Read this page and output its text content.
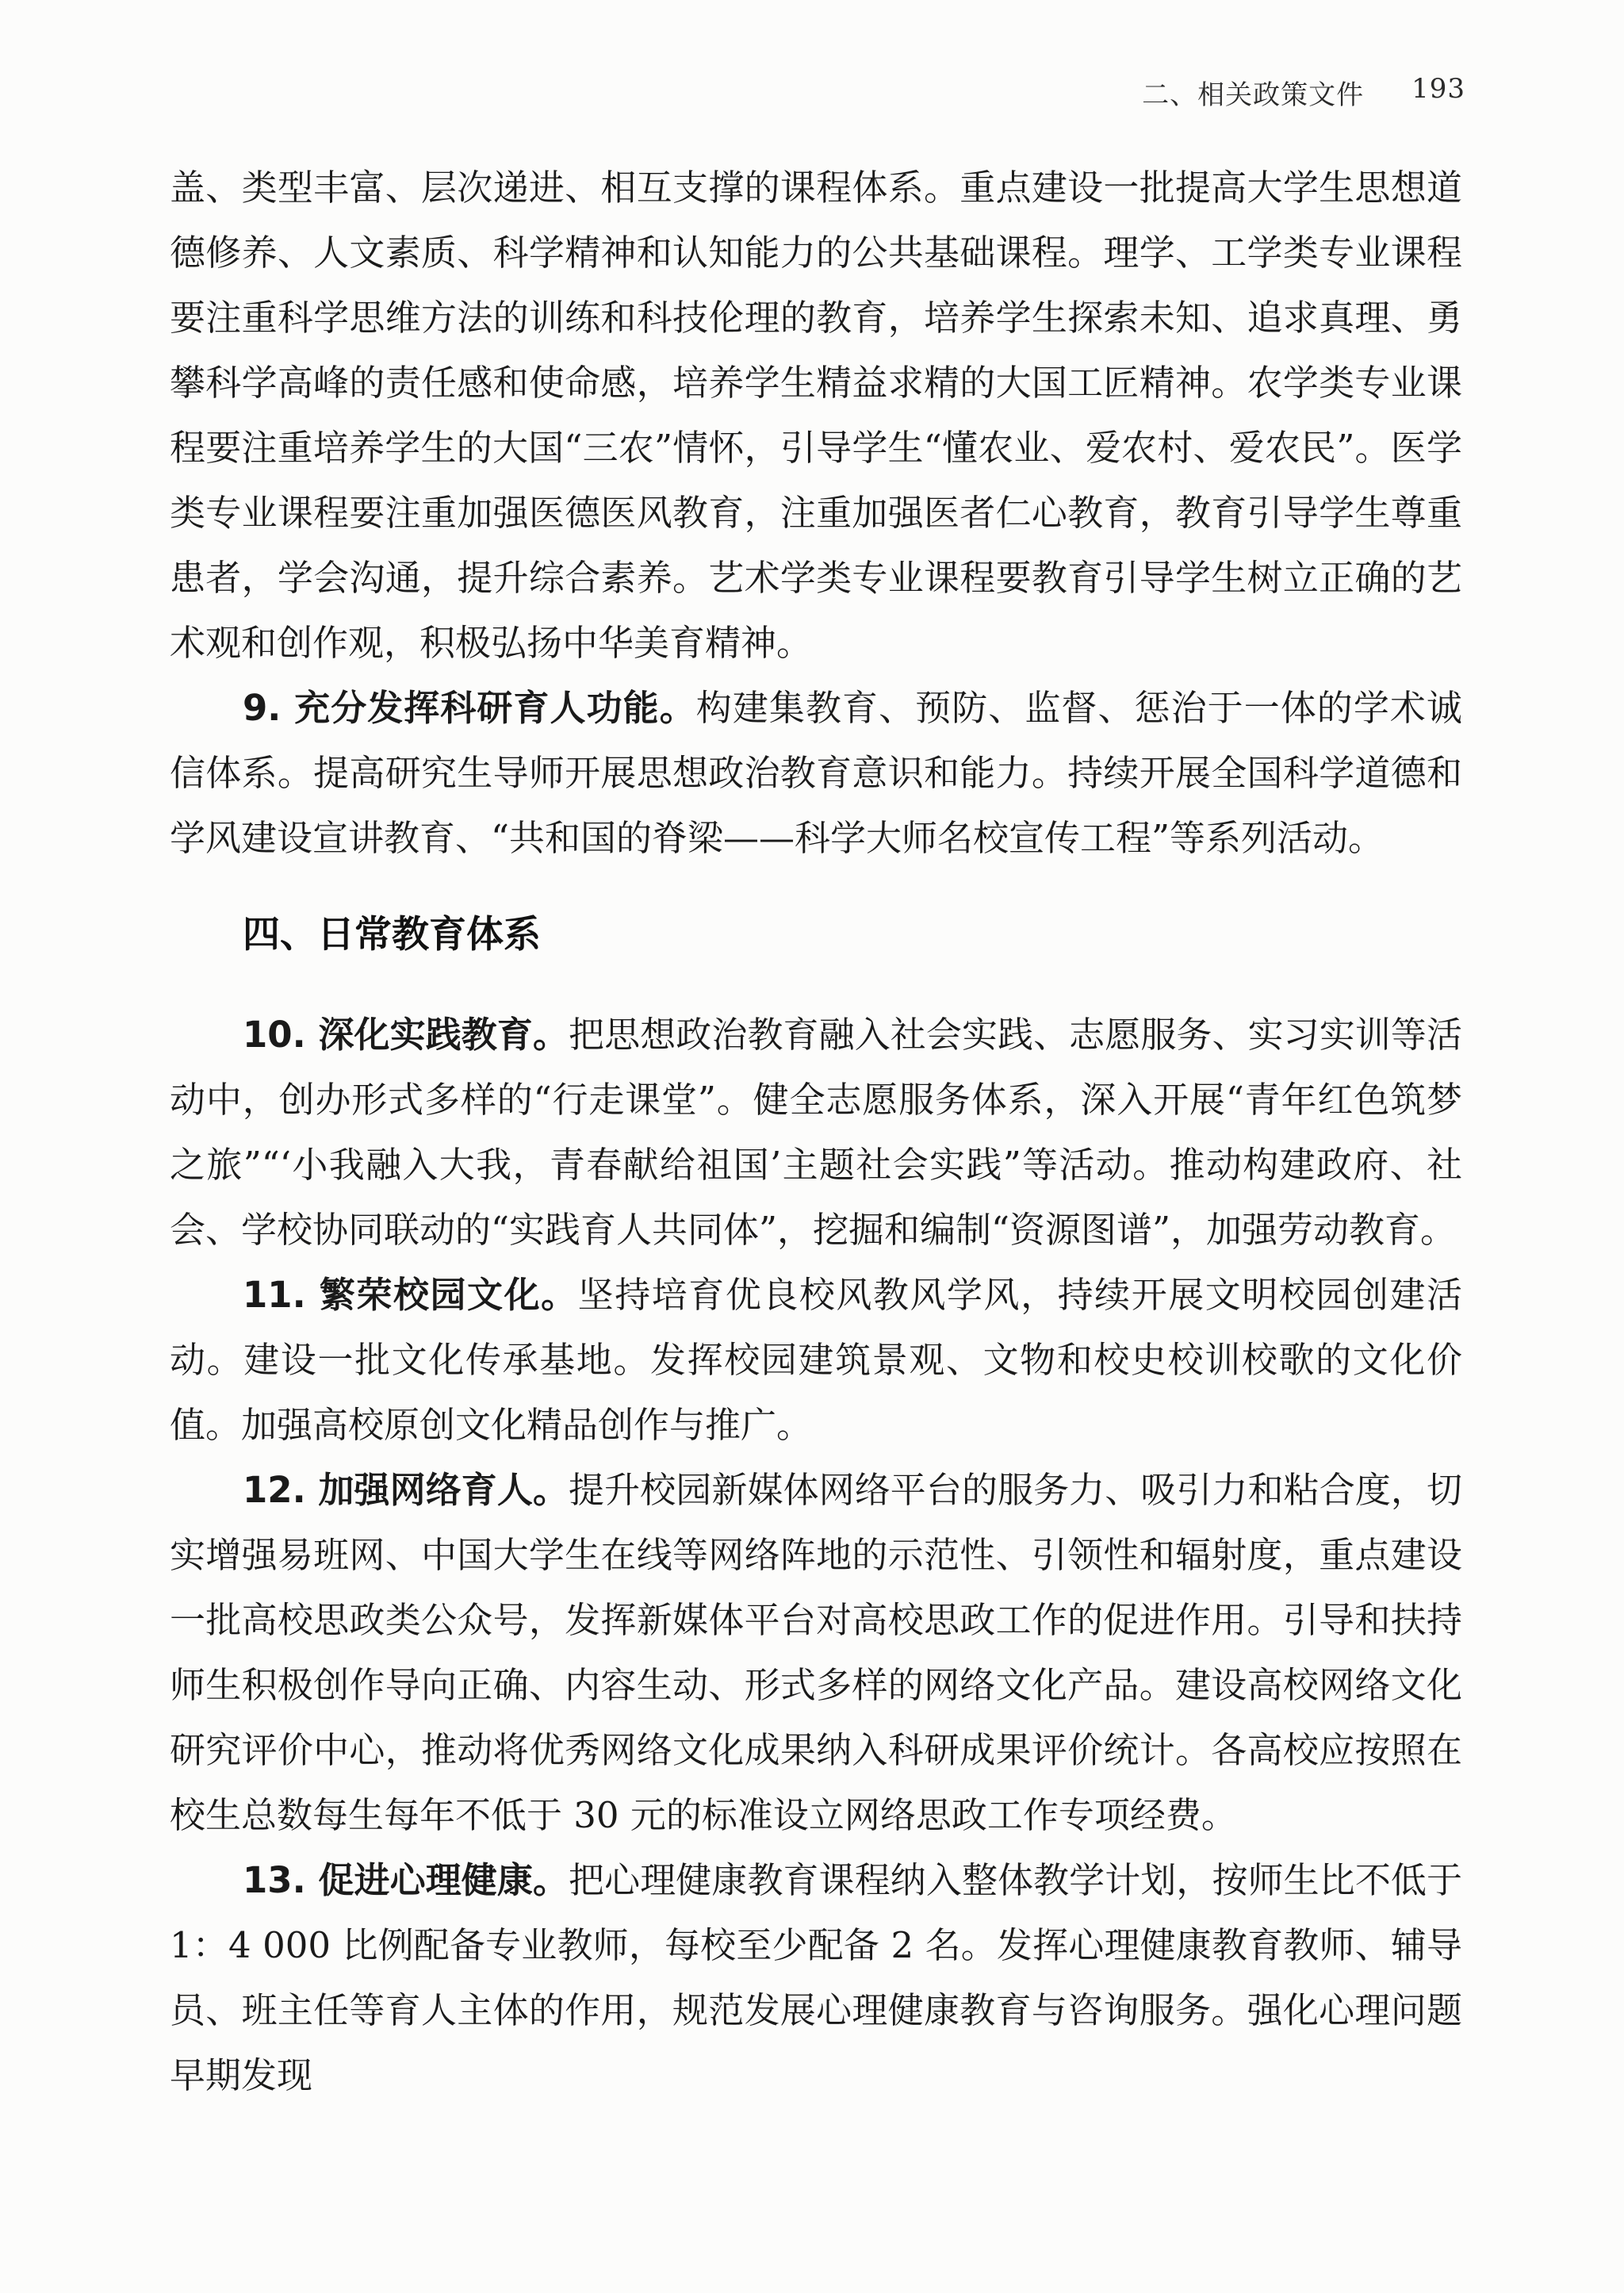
二、相关政策文件 193

盖、类型丰富、层次递进、相互支撑的课程体系。重点建设一批提高大学生思想道德修养、人文素质、科学精神和认知能力的公共基础课程。理学、工学类专业课程要注重科学思维方法的训练和科技伦理的教育，培养学生探索未知、追求真理、勇攀科学高峰的责任感和使命感，培养学生精益求精的大国工匠精神。农学类专业课程要注重培养学生的大国“三农”情怀，引导学生“懂农业、爱农村、爱农民”。医学类专业课程要注重加强医德医风教育，注重加强医者仁心教育，教育引导学生尊重患者，学会沟通，提升综合素养。艺术学类专业课程要教育引导学生树立正确的艺术观和创作观，积极弘扬中华美育精神。

9. 充分发挥科研育人功能。构建集教育、预防、监督、惩治于一体的学术诚信体系。提高研究生导师开展思想政治教育意识和能力。持续开展全国科学道德和学风建设宣讲教育、“共和国的脊梁——科学大师名校宣传工程”等系列活动。

四、日常教育体系

10. 深化实践教育。把思想政治教育融入社会实践、志愿服务、实习实训等活动中，创办形式多样的“行走课堂”。健全志愿服务体系，深入开展“青年红色筑梦之旅”“‘小我融入大我，青春献给祖国’主题社会实践”等活动。推动构建政府、社会、学校协同联动的“实践育人共同体”，挖掘和编制“资源图谱”，加强劳动教育。

11. 繁荣校园文化。坚持培育优良校风教风学风，持续开展文明校园创建活动。建设一批文化传承基地。发挥校园建筑景观、文物和校史校训校歌的文化价值。加强高校原创文化精品创作与推广。

12. 加强网络育人。提升校园新媒体网络平台的服务力、吸引力和粘合度，切实增强易班网、中国大学生在线等网络阵地的示范性、引领性和辐射度，重点建设一批高校思政类公众号，发挥新媒体平台对高校思政工作的促进作用。引导和扶持师生积极创作导向正确、内容生动、形式多样的网络文化产品。建设高校网络文化研究评价中心，推动将优秀网络文化成果纳入科研成果评价统计。各高校应按照在校生总数每生每年不低于 30 元的标准设立网络思政工作专项经费。

13. 促进心理健康。把心理健康教育课程纳入整体教学计划，按师生比不低于 1：4 000 比例配备专业教师，每校至少配备 2 名。发挥心理健康教育教师、辅导员、班主任等育人主体的作用，规范发展心理健康教育与咨询服务。强化心理问题早期发现
